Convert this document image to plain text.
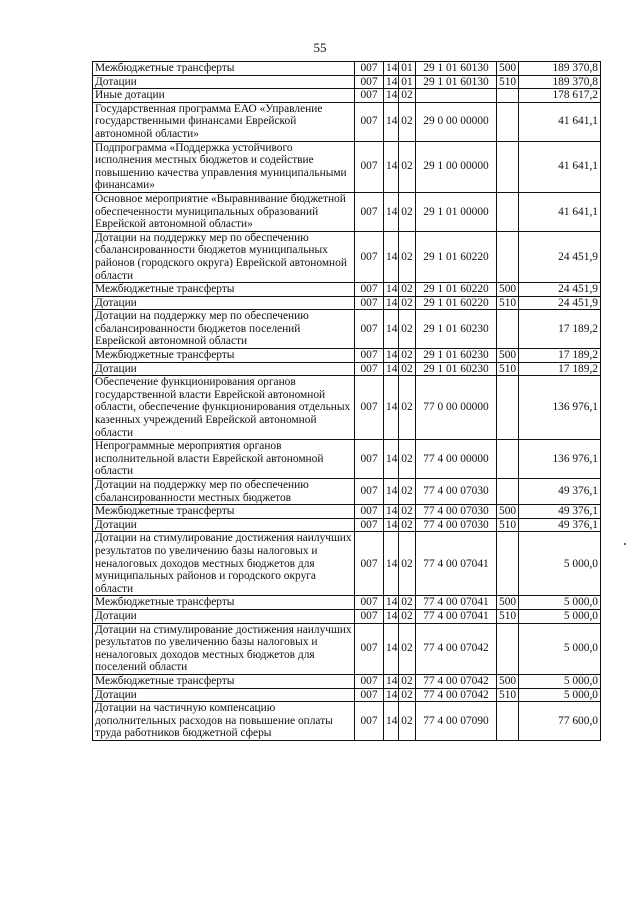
55
Межбюджетные трансферты	007	14	01	29 1 01 60130	500	189 370,8
Дотации	007	14	01	29 1 01 60130	510	189 370,8
Иные дотации	007	14	02			178 617,2
Государственная программа ЕАО «Управление государственными финансами Еврейской автономной области»	007	14	02	29 0 00 00000		41 641,1
Подпрограмма «Поддержка устойчивого исполнения местных бюджетов и содействие повышению качества управления муниципальными финансами»	007	14	02	29 1 00 00000		41 641,1
Основное мероприятие «Выравнивание бюджетной обеспеченности муниципальных образований Еврейской автономной области»	007	14	02	29 1 01 00000		41 641,1
Дотации на поддержку мер по обеспечению сбалансированности бюджетов муниципальных районов (городского округа) Еврейской автономной области	007	14	02	29 1 01 60220		24 451,9
Межбюджетные трансферты	007	14	02	29 1 01 60220	500	24 451,9
Дотации	007	14	02	29 1 01 60220	510	24 451,9
Дотации на поддержку мер по обеспечению сбалансированности бюджетов поселений Еврейской автономной области	007	14	02	29 1 01 60230		17 189,2
Межбюджетные трансферты	007	14	02	29 1 01 60230	500	17 189,2
Дотации	007	14	02	29 1 01 60230	510	17 189,2
Обеспечение функционирования органов государственной власти Еврейской автономной области, обеспечение функционирования отдельных казенных учреждений Еврейской автономной области	007	14	02	77 0 00 00000		136 976,1
Непрограммные мероприятия органов исполнительной власти Еврейской автономной области	007	14	02	77 4 00 00000		136 976,1
Дотации на поддержку мер по обеспечению сбалансированности местных бюджетов	007	14	02	77 4 00 07030		49 376,1
Межбюджетные трансферты	007	14	02	77 4 00 07030	500	49 376,1
Дотации	007	14	02	77 4 00 07030	510	49 376,1
Дотации на стимулирование достижения наилучших результатов по увеличению базы налоговых и неналоговых доходов местных бюджетов для муниципальных районов и городского округа области	007	14	02	77 4 00 07041		5 000,0
Межбюджетные трансферты	007	14	02	77 4 00 07041	500	5 000,0
Дотации	007	14	02	77 4 00 07041	510	5 000,0
Дотации на стимулирование достижения наилучших результатов по увеличению базы налоговых и неналоговых доходов местных бюджетов для поселений области	007	14	02	77 4 00 07042		5 000,0
Межбюджетные трансферты	007	14	02	77 4 00 07042	500	5 000,0
Дотации	007	14	02	77 4 00 07042	510	5 000,0
Дотации на частичную компенсацию дополнительных расходов на повышение оплаты труда работников бюджетной сферы	007	14	02	77 4 00 07090		77 600,0
